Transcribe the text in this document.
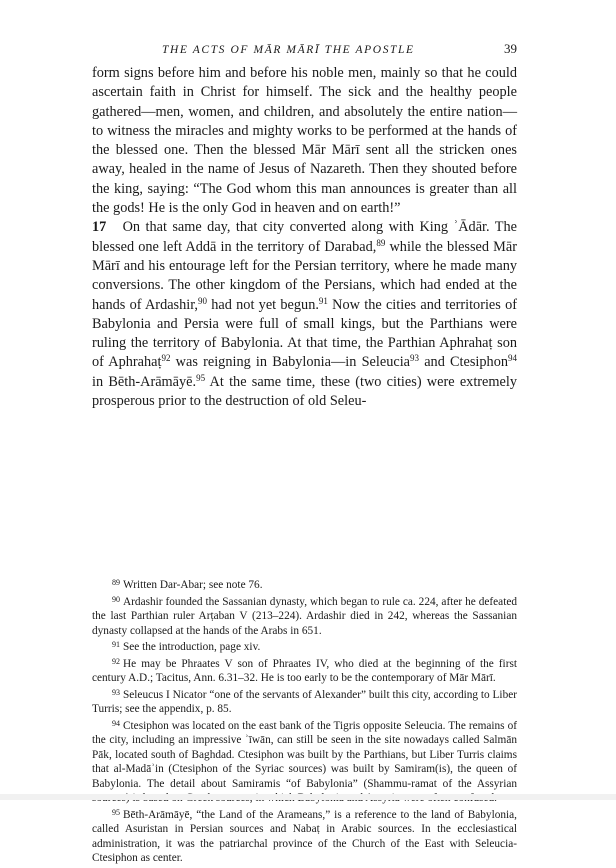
THE ACTS OF MĀR MĀRĪ THE APOSTLE	39

form signs before him and before his noble men, mainly so that he could ascertain faith in Christ for himself. The sick and the healthy people gathered—men, women, and children, and absolutely the entire nation—to witness the miracles and mighty works to be performed at the hands of the blessed one. Then the blessed Mār Mārī sent all the stricken ones away, healed in the name of Jesus of Nazareth. Then they shouted before the king, saying: “The God whom this man announces is greater than all the gods! He is the only God in heaven and on earth!”

17 On that same day, that city converted along with King ʾĀdār. The blessed one left Addā in the territory of Darabad,$^{89}$ while the blessed Mār Mārī and his entourage left for the Persian territory, where he made many conversions. The other kingdom of the Persians, which had ended at the hands of Ardashir,$^{90}$ had not yet begun.$^{91}$ Now the cities and territories of Babylonia and Persia were full of small kings, but the Parthians were ruling the territory of Babylonia. At that time, the Parthian Aphrahaṭ son of Aphrahaṭ$^{92}$ was reigning in Babylonia—in Seleucia$^{93}$ and Ctesiphon$^{94}$ in Bēth-Arāmāyē.$^{95}$ At the same time, these (two cities) were extremely prosperous prior to the destruction of old Seleu-

$^{89}$ Written Dar-Abar; see note 76.

$^{90}$ Ardashir founded the Sassanian dynasty, which began to rule ca. 224, after he defeated the last Parthian ruler Arṭaban V (213–224). Ardashir died in 242, whereas the Sassanian dynasty collapsed at the hands of the Arabs in 651.

$^{91}$ See the introduction, page xiv.

$^{92}$ He may be Phraates V son of Phraates IV, who died at the beginning of the first century A.D.; Tacitus, Ann. 6.31–32. He is too early to be the contemporary of Mār Mārī.

$^{93}$ Seleucus I Nicator “one of the servants of Alexander” built this city, according to Liber Turris; see the appendix, p. 85.

$^{94}$ Ctesiphon was located on the east bank of the Tigris opposite Seleucia. The remains of the city, including an impressive ʾīwān, can still be seen in the site nowadays called Salmān Pāk, located south of Baghdad. Ctesiphon was built by the Parthians, but Liber Turris claims that al-Madāʾin (Ctesiphon of the Syriac sources) was built by Samiram(is), the queen of Babylonia. The detail about Samiramis “of Babylonia” (Shammu-ramat of the Assyrian

$^{95}$ Bēth-Arāmāyē, “the Land of the Arameans,” is a reference to the land of Babylonia, called Asuristan in Persian sources and Nabaṭ in Arabic sources. In the ecclesiastical administration, it was the patriarchal province of the Church of the East with Seleucia-Ctesiphon as center.
